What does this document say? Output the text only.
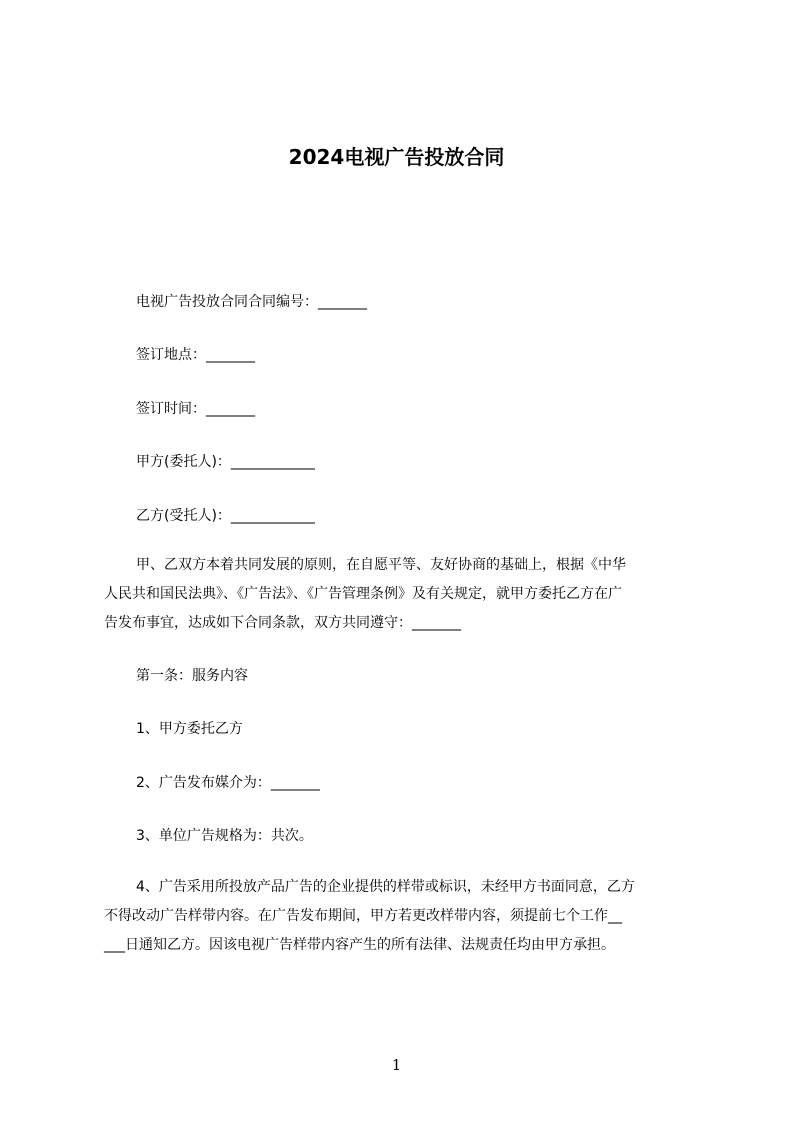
2024电视广告投放合同
电视广告投放合同合同编号：_______
签订地点：_______
签订时间：_______
甲方(委托人)：____________
乙方(受托人)：____________
甲、乙双方本着共同发展的原则，在自愿平等、友好协商的基础上，根据《中华
人民共和国民法典》、《广告法》、《广告管理条例》及有关规定，就甲方委托乙方在广
告发布事宜，达成如下合同条款，双方共同遵守：_______
第一条：服务内容
1、甲方委托乙方
2、广告发布媒介为：_______
3、单位广告规格为：共次。
4、广告采用所投放产品广告的企业提供的样带或标识，未经甲方书面同意，乙方
不得改动广告样带内容。在广告发布期间，甲方若更改样带内容，须提前七个工作__
___日通知乙方。因该电视广告样带内容产生的所有法律、法规责任均由甲方承担。
1
